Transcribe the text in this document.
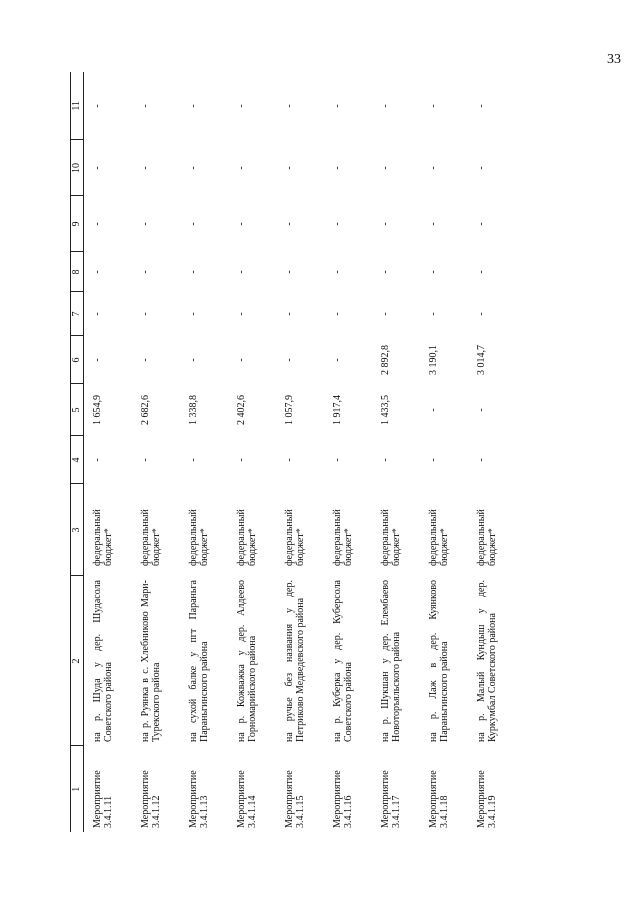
33
1	2	3	4	5	6	7	8	9	10	11
Мероприятие 3.4.1.11	на р. Шуда у дер. Шудасола Советского района	федеральный бюджет*	-	1 654,9	-	-	-	-	-	-
Мероприятие 3.4.1.12	на р. Руянка в с. Хлебниково Мари-Турекского района	федеральный бюджет*	-	2 682,6	-	-	-	-	-	-
Мероприятие 3.4.1.13	на сухой балке у пгт Параньга Параньгинского района	федеральный бюджет*	-	1 338,8	-	-	-	-	-	-
Мероприятие 3.4.1.14	на р. Кожважка у дер. Алдеево Горномарийского района	федеральный бюджет*	-	2 402,6	-	-	-	-	-	-
Мероприятие 3.4.1.15	на ручье без названия у дер. Петриково Медведевского района	федеральный бюджет*	-	1 057,9	-	-	-	-	-	-
Мероприятие 3.4.1.16	на р. Куберка у дер. Куберсола Советского района	федеральный бюджет*	-	1 917,4	-	-	-	-	-	-
Мероприятие 3.4.1.17	на р. Шукшан у дер. Елембаево Новоторъяльского района	федеральный бюджет*	-	1 433,5	2 892,8	-	-	-	-	-
Мероприятие 3.4.1.18	на р. Лаж в дер. Куянково Параньгинского района	федеральный бюджет*	-	-	3 190,1	-	-	-	-	-
Мероприятие 3.4.1.19	на р. Малый Кундыш у дер. Куркумбал Советского района	федеральный бюджет*	-	-	3 014,7	-	-	-	-	-
